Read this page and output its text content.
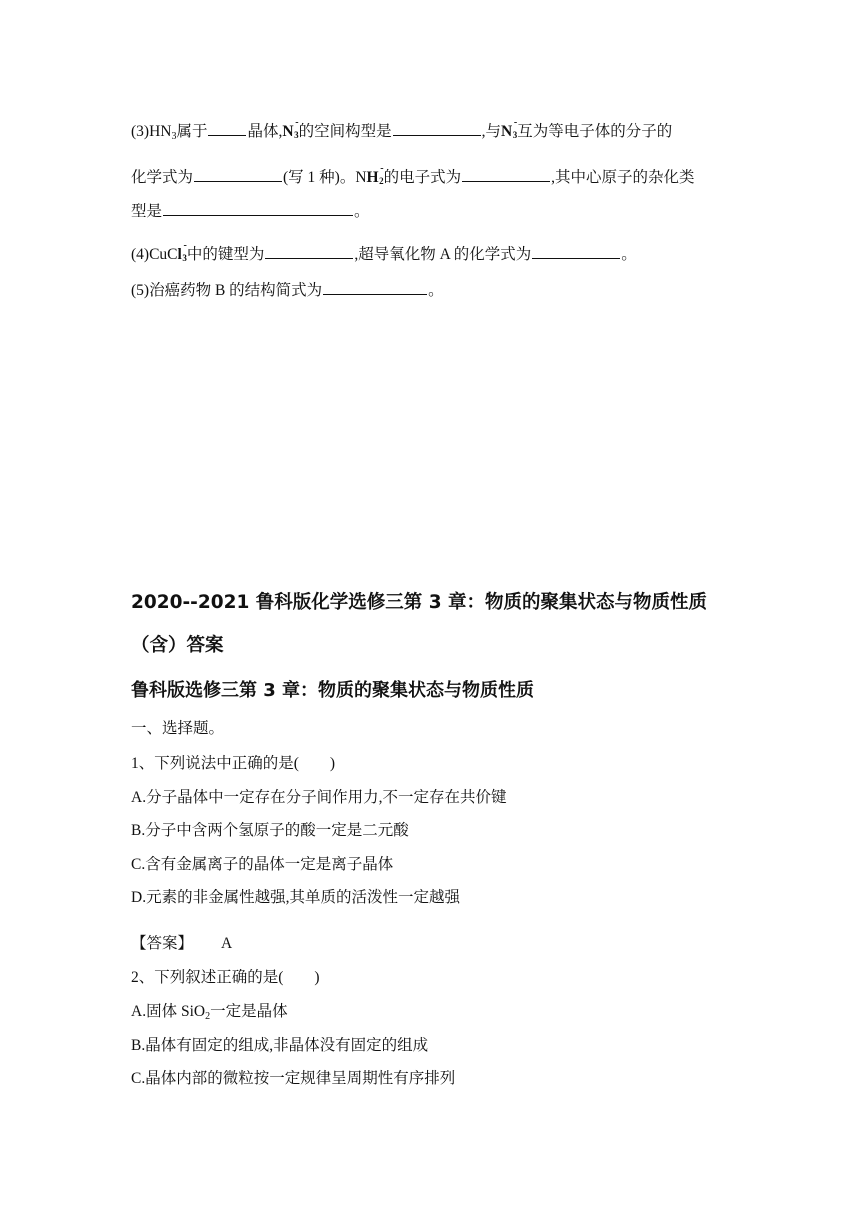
$(3)HN_3$属于	晶体,N
-
3 的空间构型是	,与N
-
3 互为等电子体的分子的
化学式为	(写 1 种)。NH
-
2 的电子式为	,其中心原子的杂化类
型是	。
(4)CuCl
-
3 中的键型为	,超导氧化物 A 的化学式为	。
(5)治癌药物 B 的结构简式为	。
2020--2021 鲁科版化学选修三第 3 章：物质的聚集状态与物质性质
（含）答案
鲁科版选修三第 3 章：物质的聚集状态与物质性质
一、选择题。
1、下列说法中正确的是(　　)
A.分子晶体中一定存在分子间作用力,不一定存在共价键
B.分子中含两个氢原子的酸一定是二元酸
C.含有金属离子的晶体一定是离子晶体
D.元素的非金属性越强,其单质的活泼性一定越强
【答案】 A
2、下列叙述正确的是(　　)
A.固体 SiO$_2$一定是晶体
B.晶体有固定的组成,非晶体没有固定的组成
C.晶体内部的微粒按一定规律呈周期性有序排列
